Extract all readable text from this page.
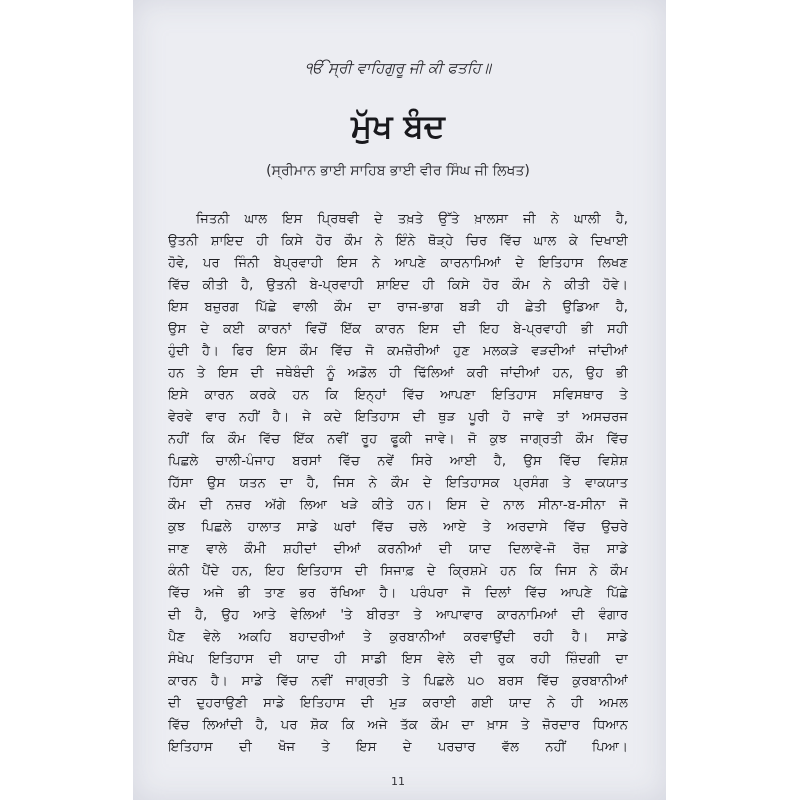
ੴ ਸ੍ਰੀ ਵਾਹਿਗੁਰੂ ਜੀ ਕੀ ਫਤਹਿ॥
ਮੁੱਖ ਬੰਦ
(ਸ੍ਰੀਮਾਨ ਭਾਈ ਸਾਹਿਬ ਭਾਈ ਵੀਰ ਸਿੰਘ ਜੀ ਲਿਖਤ)
ਜਿਤਨੀ ਘਾਲ ਇਸ ਪ੍ਰਿਥਵੀ ਦੇ ਤਖ਼ਤੇ ਉੱਤੇ ਖ਼ਾਲਸਾ ਜੀ ਨੇ ਘਾਲੀ ਹੈ,
ਉਤਨੀ ਸ਼ਾਇਦ ਹੀ ਕਿਸੇ ਹੋਰ ਕੌਮ ਨੇ ਇੰਨੇ ਥੋੜ੍ਹੇ ਚਿਰ ਵਿੱਚ ਘਾਲ ਕੇ ਦਿਖਾਈ
ਹੋਵੇ, ਪਰ ਜਿੰਨੀ ਬੇਪ੍ਰਵਾਹੀ ਇਸ ਨੇ ਆਪਣੇ ਕਾਰਨਾਮਿਆਂ ਦੇ ਇਤਿਹਾਸ ਲਿਖਣ
ਵਿੱਚ ਕੀਤੀ ਹੈ, ਉਤਨੀ ਬੇ-ਪ੍ਰਵਾਹੀ ਸ਼ਾਇਦ ਹੀ ਕਿਸੇ ਹੋਰ ਕੌਮ ਨੇ ਕੀਤੀ ਹੋਵੇ।
ਇਸ ਬਜ਼ੁਰਗ ਪਿੱਛੇ ਵਾਲੀ ਕੌਮ ਦਾ ਰਾਜ-ਭਾਗ ਬੜੀ ਹੀ ਛੇਤੀ ਉਡਿਆ ਹੈ,
ਉਸ ਦੇ ਕਈ ਕਾਰਨਾਂ ਵਿਚੋਂ ਇੱਕ ਕਾਰਨ ਇਸ ਦੀ ਇਹ ਬੇ-ਪ੍ਰਵਾਹੀ ਭੀ ਸਹੀ
ਹੁੰਦੀ ਹੈ। ਫਿਰ ਇਸ ਕੌਮ ਵਿੱਚ ਜੋ ਕਮਜ਼ੋਰੀਆਂ ਹੁਣ ਮਲਕੜੇ ਵੜਦੀਆਂ ਜਾਂਦੀਆਂ
ਹਨ ਤੇ ਇਸ ਦੀ ਜਥੇਬੰਦੀ ਨੂੰ ਅਡੋਲ ਹੀ ਢਿੱਲਿਆਂ ਕਰੀ ਜਾਂਦੀਆਂ ਹਨ, ਉਹ ਭੀ
ਇਸੇ ਕਾਰਨ ਕਰਕੇ ਹਨ ਕਿ ਇਨ੍ਹਾਂ ਵਿੱਚ ਆਪਣਾ ਇਤਿਹਾਸ ਸਵਿਸਥਾਰ ਤੇ
ਵੇਰਵੇ ਵਾਰ ਨਹੀਂ ਹੈ। ਜੇ ਕਦੇ ਇਤਿਹਾਸ ਦੀ ਥੁੜ ਪੂਰੀ ਹੋ ਜਾਵੇ ਤਾਂ ਅਸਚਰਜ
ਨਹੀਂ ਕਿ ਕੌਮ ਵਿੱਚ ਇੱਕ ਨਵੀਂ ਰੂਹ ਫੂਕੀ ਜਾਵੇ। ਜੋ ਕੁਝ ਜਾਗ੍ਰਤੀ ਕੌਮ ਵਿੱਚ
ਪਿਛਲੇ ਚਾਲੀ-ਪੰਜਾਹ ਬਰਸਾਂ ਵਿੱਚ ਨਵੇਂ ਸਿਰੇ ਆਈ ਹੈ, ਉਸ ਵਿੱਚ ਵਿਸ਼ੇਸ਼
ਹਿੱਸਾ ਉਸ ਯਤਨ ਦਾ ਹੈ, ਜਿਸ ਨੇ ਕੌਮ ਦੇ ਇਤਿਹਾਸਕ ਪ੍ਰਸੰਗ ਤੇ ਵਾਕਯਾਤ
ਕੌਮ ਦੀ ਨਜ਼ਰ ਅੱਗੇ ਲਿਆ ਖੜੇ ਕੀਤੇ ਹਨ। ਇਸ ਦੇ ਨਾਲ ਸੀਨਾ-ਬ-ਸੀਨਾ ਜੋ
ਕੁਝ ਪਿਛਲੇ ਹਾਲਾਤ ਸਾਡੇ ਘਰਾਂ ਵਿੱਚ ਚਲੇ ਆਏ ਤੇ ਅਰਦਾਸੇ ਵਿੱਚ ਉਚਰੇ
ਜਾਣ ਵਾਲੇ ਕੌਮੀ ਸ਼ਹੀਦਾਂ ਦੀਆਂ ਕਰਨੀਆਂ ਦੀ ਯਾਦ ਦਿਲਾਵੇ-ਜੋ ਰੋਜ਼ ਸਾਡੇ
ਕੰਨੀ ਪੈਂਦੇ ਹਨ, ਇਹ ਇਤਿਹਾਸ ਦੀ ਸਿਜਾਫ਼ ਦੇ ਕ੍ਰਿਸ਼ਮੇ ਹਨ ਕਿ ਜਿਸ ਨੇ ਕੌਮ
ਵਿੱਚ ਅਜੇ ਭੀ ਤਾਣ ਭਰ ਰੱਖਿਆ ਹੈ। ਪਰੰਪਰਾ ਜੋ ਦਿਲਾਂ ਵਿੱਚ ਆਪਣੇ ਪਿੱਛੇ
ਦੀ ਹੈ, ਉਹ ਆਤੇ ਵੇਲਿਆਂ 'ਤੇ ਬੀਰਤਾ ਤੇ ਆਪਾਵਾਰ ਕਾਰਨਾਮਿਆਂ ਦੀ ਵੰਗਾਰ
ਪੈਣ ਵੇਲੇ ਅਕਹਿ ਬਹਾਦਰੀਆਂ ਤੇ ਕੁਰਬਾਨੀਆਂ ਕਰਵਾਉਂਦੀ ਰਹੀ ਹੈ। ਸਾਡੇ
ਸੰਖੇਪ ਇਤਿਹਾਸ ਦੀ ਯਾਦ ਹੀ ਸਾਡੀ ਇਸ ਵੇਲੇ ਦੀ ਰੁਕ ਰਹੀ ਜ਼ਿੰਦਗੀ ਦਾ
ਕਾਰਨ ਹੈ। ਸਾਡੇ ਵਿੱਚ ਨਵੀਂ ਜਾਗ੍ਰਤੀ ਤੇ ਪਿਛਲੇ ੫੦ ਬਰਸ ਵਿੱਚ ਕੁਰਬਾਨੀਆਂ
ਦੀ ਦੁਹਰਾਉਣੀ ਸਾਡੇ ਇਤਿਹਾਸ ਦੀ ਮੁੜ ਕਰਾਈ ਗਈ ਯਾਦ ਨੇ ਹੀ ਅਮਲ
ਵਿੱਚ ਲਿਆਂਦੀ ਹੈ, ਪਰ ਸ਼ੋਕ ਕਿ ਅਜੇ ਤੱਕ ਕੌਮ ਦਾ ਖ਼ਾਸ ਤੇ ਜ਼ੋਰਦਾਰ ਧਿਆਨ
ਇਤਿਹਾਸ ਦੀ ਖੋਜ ਤੇ ਇਸ ਦੇ ਪਰਚਾਰ ਵੱਲ ਨਹੀਂ ਪਿਆ।
11
